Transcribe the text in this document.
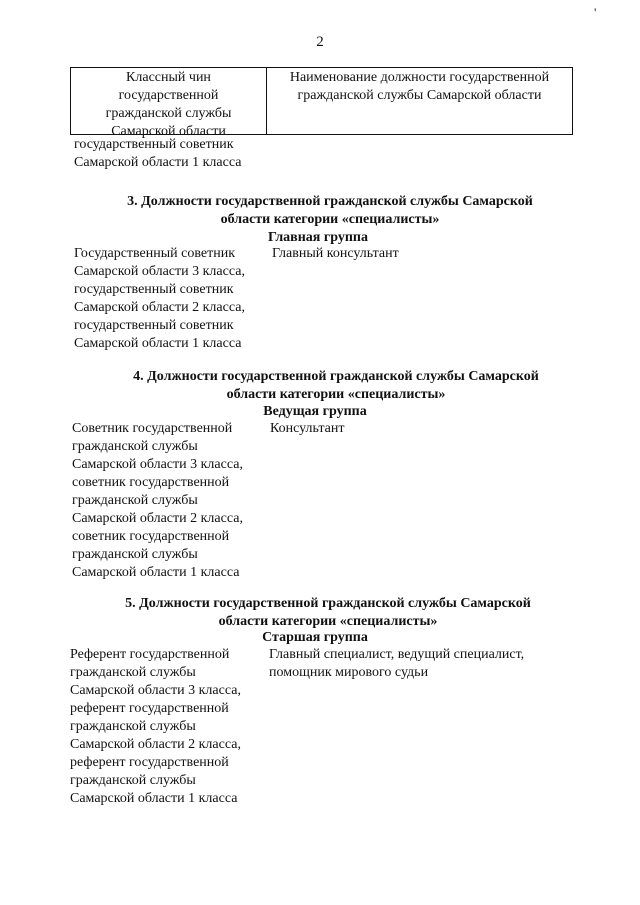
'
2
Классный чин
государственной
гражданской службы
Самарской области
Наименование должности государственной
гражданской службы Самарской области
государственный советник
Самарской области 1 класса
3. Должности государственной гражданской службы Самарской
области категории «специалисты»
Главная группа
Государственный советник
Самарской области 3 класса,
государственный советник
Самарской области 2 класса,
государственный советник
Самарской области 1 класса
Главный консультант
4. Должности государственной гражданской службы Самарской
области категории «специалисты»
Ведущая группа
Советник государственной
гражданской службы
Самарской области 3 класса,
советник государственной
гражданской службы
Самарской области 2 класса,
советник государственной
гражданской службы
Самарской области 1 класса
Консультант
5. Должности государственной гражданской службы Самарской
области категории «специалисты»
Старшая группа
Референт государственной
гражданской службы
Самарской области 3 класса,
референт государственной
гражданской службы
Самарской области 2 класса,
референт государственной
гражданской службы
Самарской области 1 класса
Главный специалист, ведущий специалист,
помощник мирового судьи
